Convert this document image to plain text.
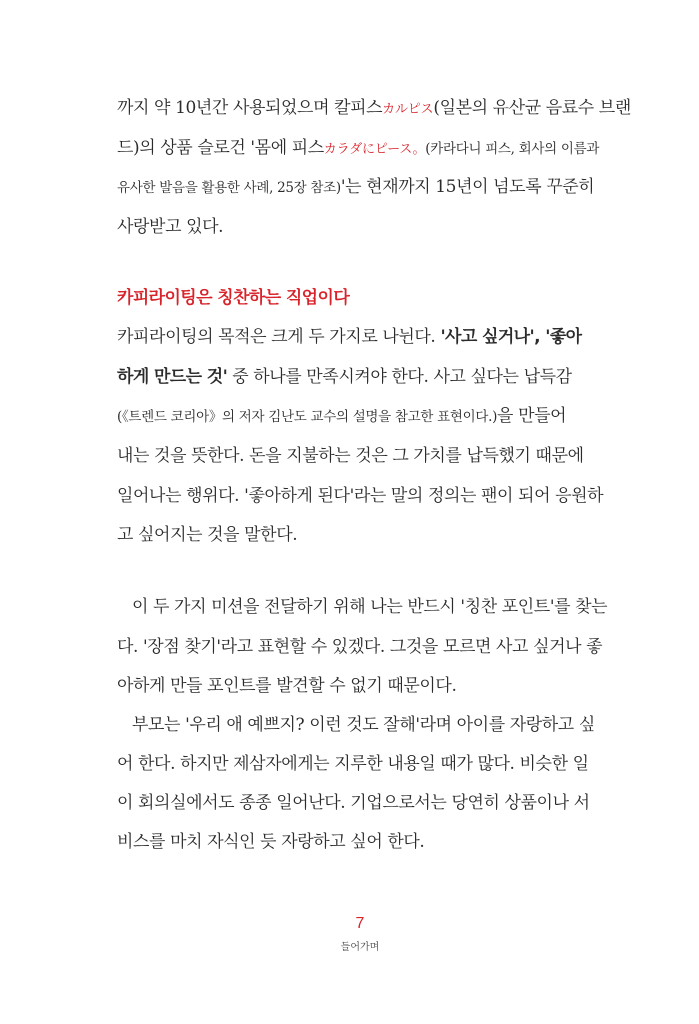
까지 약 10년간 사용되었으며 칼피스カルピス(일본의 유산균 음료수 브랜
드)의 상품 슬로건 '몸에 피스カラダにピース。(카라다니 피스, 회사의 이름과
유사한 발음을 활용한 사례, 25장 참조)'는 현재까지 15년이 넘도록 꾸준히
사랑받고 있다.
카피라이팅은 칭찬하는 직업이다
카피라이팅의 목적은 크게 두 가지로 나뉜다. '사고 싶거나', '좋아
하게 만드는 것' 중 하나를 만족시켜야 한다. 사고 싶다는 납득감
(《트렌드 코리아》의 저자 김난도 교수의 설명을 참고한 표현이다.)을 만들어
내는 것을 뜻한다. 돈을 지불하는 것은 그 가치를 납득했기 때문에
일어나는 행위다. '좋아하게 된다'라는 말의 정의는 팬이 되어 응원하
고 싶어지는 것을 말한다.
이 두 가지 미션을 전달하기 위해 나는 반드시 '칭찬 포인트'를 찾는
다. '장점 찾기'라고 표현할 수 있겠다. 그것을 모르면 사고 싶거나 좋
아하게 만들 포인트를 발견할 수 없기 때문이다.
부모는 '우리 애 예쁘지? 이런 것도 잘해'라며 아이를 자랑하고 싶
어 한다. 하지만 제삼자에게는 지루한 내용일 때가 많다. 비슷한 일
이 회의실에서도 종종 일어난다. 기업으로서는 당연히 상품이나 서
비스를 마치 자식인 듯 자랑하고 싶어 한다.
7
들어가며
